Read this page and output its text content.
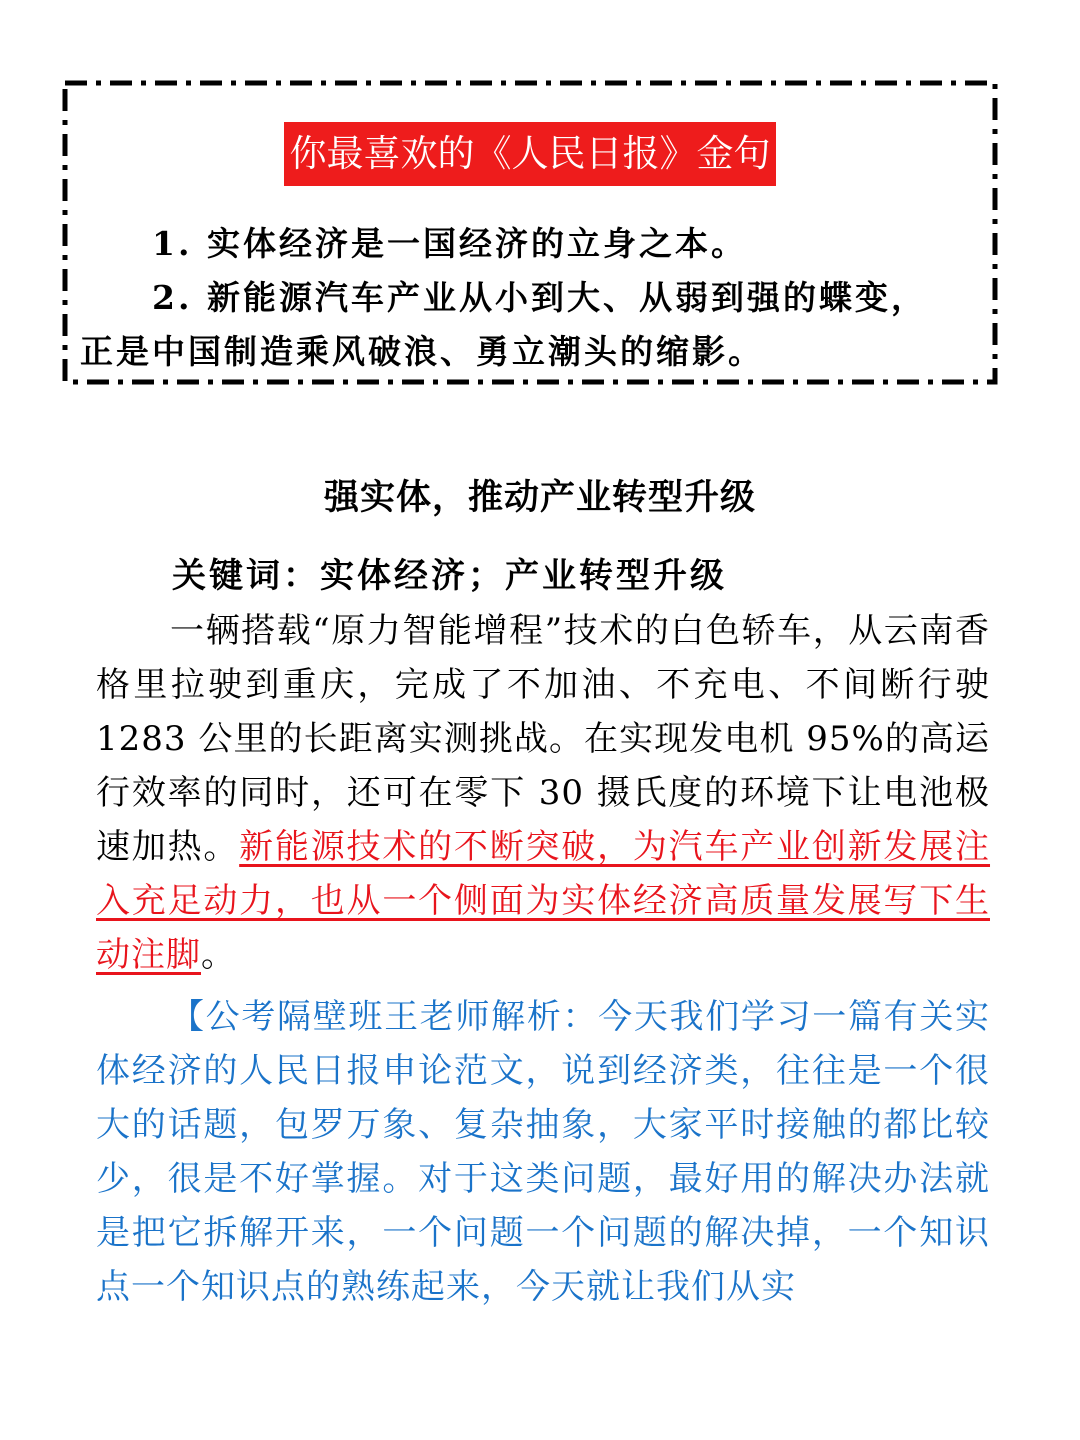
你最喜欢的《人民日报》金句
1. 实体经济是一国经济的立身之本。
2. 新能源汽车产业从小到大、从弱到强的蝶变，
正是中国制造乘风破浪、勇立潮头的缩影。
强实体，推动产业转型升级
关键词：实体经济；产业转型升级
一辆搭载“原力智能增程”技术的白色轿车，从云南香格里拉驶到重庆，完成了不加油、不充电、不间断行驶 1283 公里的长距离实测挑战。在实现发电机 95%的高运行效率的同时，还可在零下 30 摄氏度的环境下让电池极速加热。新能源技术的不断突破，为汽车产业创新发展注入充足动力，也从一个侧面为实体经济高质量发展写下生动注脚。
【公考隔壁班王老师解析：今天我们学习一篇有关实体经济的人民日报申论范文，说到经济类，往往是一个很大的话题，包罗万象、复杂抽象，大家平时接触的都比较少，很是不好掌握。对于这类问题，最好用的解决办法就是把它拆解开来，一个问题一个问题的解决掉，一个知识点一个知识点的熟练起来，今天就让我们从实
